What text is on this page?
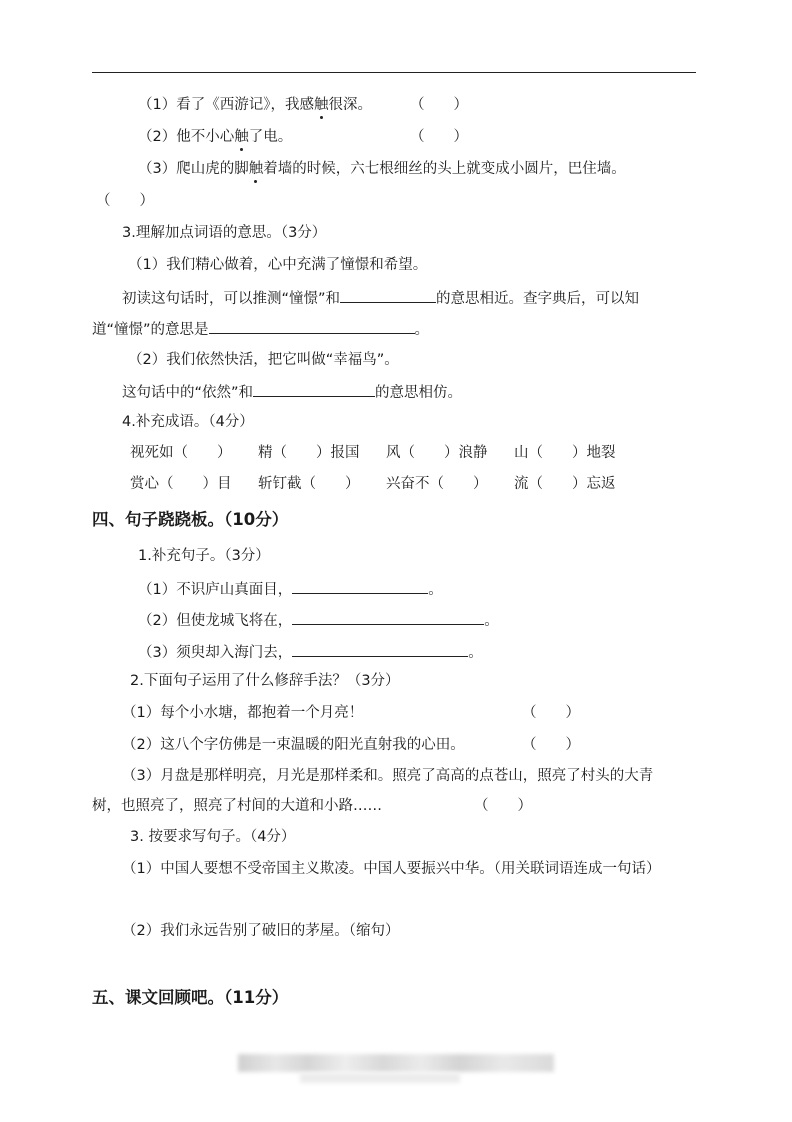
（1）看了《西游记》，我感触很深。	（　　）
（2）他不小心触了电。	（　　）
（3）爬山虎的脚触着墙的时候，六七根细丝的头上就变成小圆片，巴住墙。
（　　）
3.理解加点词语的意思。（3分）
（1）我们精心做着，心中充满了憧憬和希望。
初读这句话时，可以推测“憧憬”和	的意思相近。查字典后，可以知
道“憧憬”的意思是	。
（2）我们依然快活，把它叫做“幸福鸟”。
这句话中的“依然”和	的意思相仿。
4.补充成语。（4分）
视死如（　　） 精（　　）报国 风（　　）浪静 山（　　）地裂
赏心（　　）目 斩钉截（　　） 兴奋不（　　） 流（　　）忘返
四、句子跷跷板。（10分）
1.补充句子。（3分）
（1）不识庐山真面目，	。
（2）但使龙城飞将在，	。
（3）须臾却入海门去，	。
2.下面句子运用了什么修辞手法？（3分）
（1）每个小水塘，都抱着一个月亮！	（　　）
（2）这八个字仿佛是一束温暖的阳光直射我的心田。	（　　）
（3）月盘是那样明亮，月光是那样柔和。照亮了高高的点苍山，照亮了村头的大青
树，也照亮了，照亮了村间的大道和小路……	（　　）
3. 按要求写句子。（4分）
（1）中国人要想不受帝国主义欺凌。中国人要振兴中华。（用关联词语连成一句话）
（2）我们永远告别了破旧的茅屋。（缩句）
五、课文回顾吧。（11分）
